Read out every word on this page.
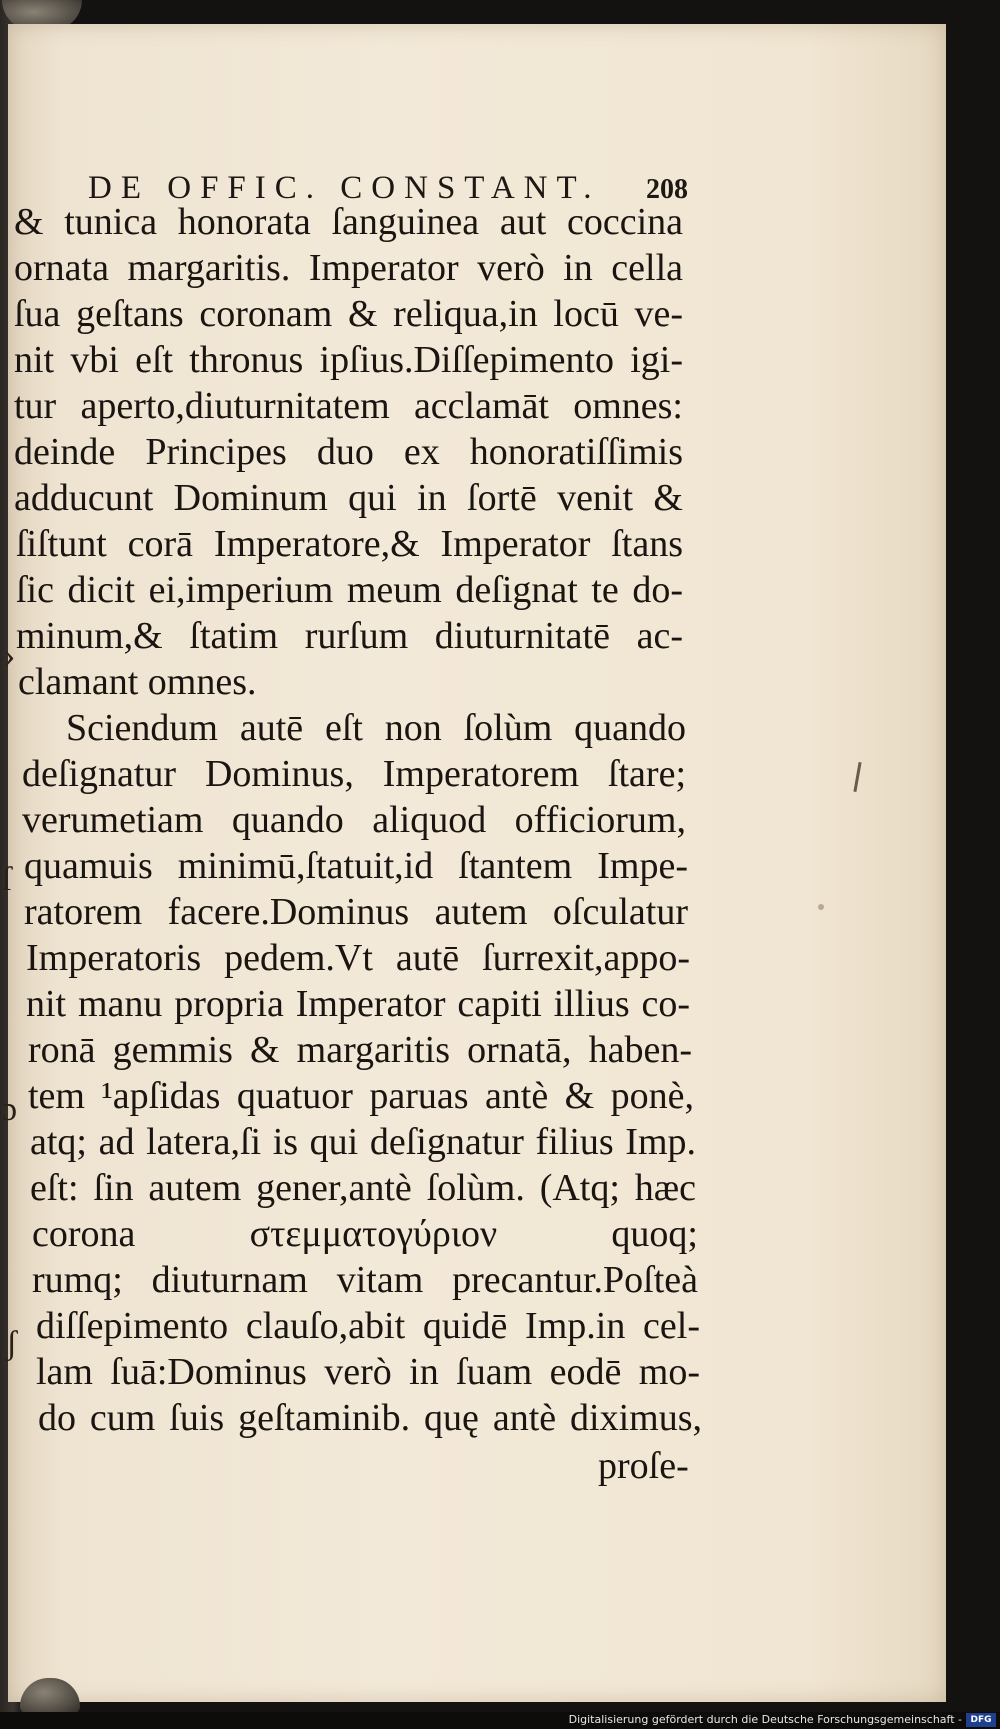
DE OFFIC. CONSTANT. 208
& tunica honorata ſanguinea aut coccina
ornata margaritis. Imperator verò in cella
ſua geſtans coronam & reliqua,in locū ve-
nit vbi eſt thronus ipſius.Diſſepimento igi-
tur aperto,diuturnitatem acclamāt omnes:
deinde Principes duo ex honoratiſſimis
adducunt Dominum qui in ſortē venit &
ſiſtunt corā Imperatore,& Imperator ſtans
ſic dicit ei,imperium meum deſignat te do-
minum,& ſtatim rurſum diuturnitatē ac-
clamant omnes.
Sciendum autē eſt non ſolùm quando
deſignatur Dominus, Imperatorem ſtare;
verumetiam quando aliquod officiorum,
quamuis minimū,ſtatuit,id ſtantem Impe-
ratorem facere.Dominus autem oſculatur
Imperatoris pedem.Vt autē ſurrexit,appo-
nit manu propria Imperator capiti illius co-
ronā gemmis & margaritis ornatā, haben-
tem ¹apſidas quatuor paruas antè & ponè,
atq; ad latera,ſi is qui deſignatur filius Imp.
eſt: ſin autem gener,antè ſolùm. (Atq; hæc
corona στεμματογύριον quoq;
rumq; diuturnam vitam precantur.Poſteà
diſſepimento clauſo,abit quidē Imp.in cel-
lam ſuā:Dominus verò in ſuam eodē mo-
do cum ſuis geſtaminib. quę antè diximus,
proſe-
›
ſ
ɔ
ʃ
Digitalisierung gefördert durch die Deutsche Forschungsgemeinschaft - DFG
